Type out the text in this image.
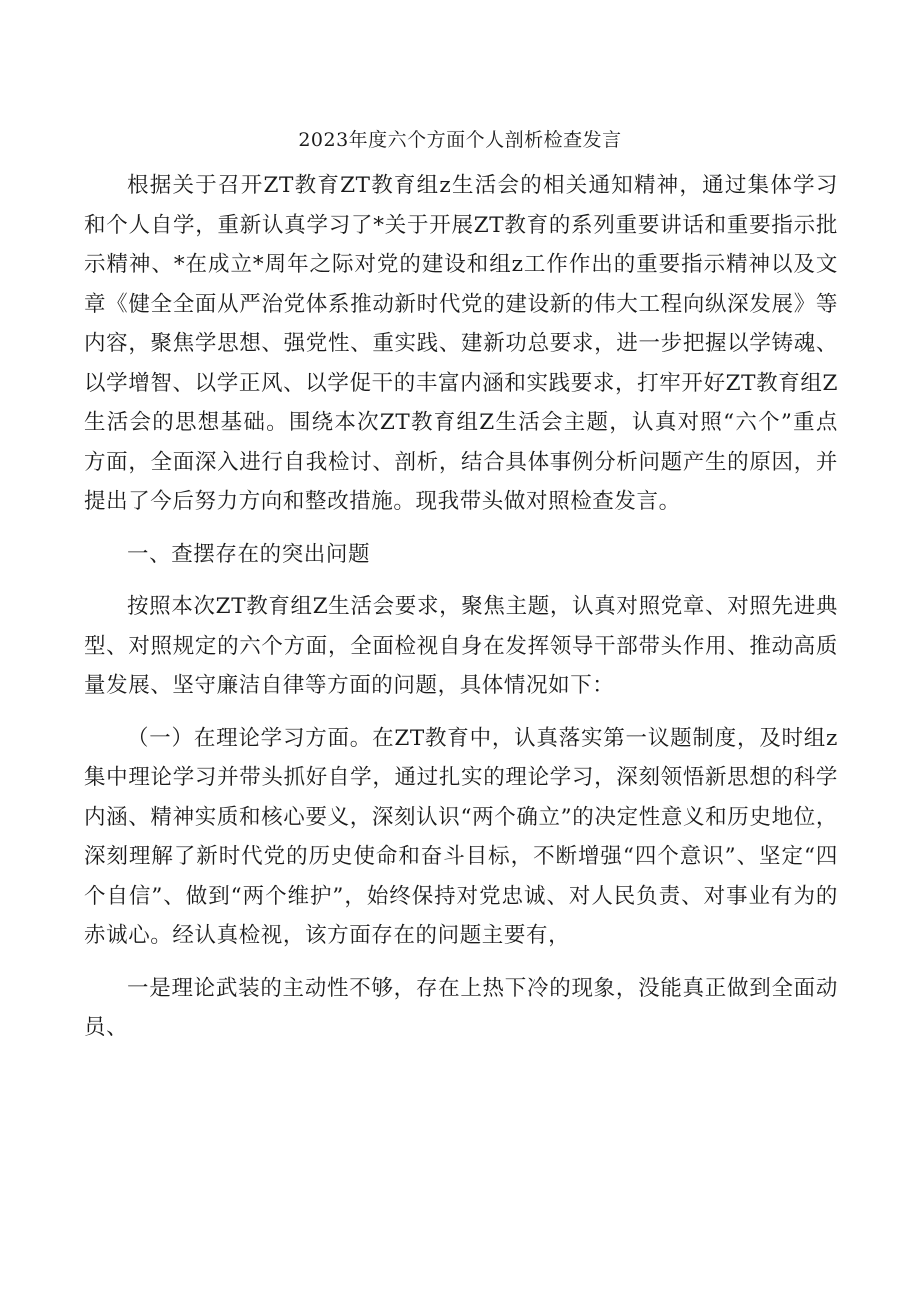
2023年度六个方面个人剖析检查发言

根据关于召开ZT教育ZT教育组z生活会的相关通知精神，通过集体学习和个人自学，重新认真学习了*关于开展ZT教育的系列重要讲话和重要指示批示精神、*在成立*周年之际对党的建设和组z工作作出的重要指示精神以及文章《健全全面从严治党体系推动新时代党的建设新的伟大工程向纵深发展》等内容，聚焦学思想、强党性、重实践、建新功总要求，进一步把握以学铸魂、以学增智、以学正风、以学促干的丰富内涵和实践要求，打牢开好ZT教育组Z生活会的思想基础。围绕本次ZT教育组Z生活会主题，认真对照“六个”重点方面，全面深入进行自我检讨、剖析，结合具体事例分析问题产生的原因，并提出了今后努力方向和整改措施。现我带头做对照检查发言。

一、查摆存在的突出问题

按照本次ZT教育组Z生活会要求，聚焦主题，认真对照党章、对照先进典型、对照规定的六个方面，全面检视自身在发挥领导干部带头作用、推动高质量发展、坚守廉洁自律等方面的问题，具体情况如下：

（一）在理论学习方面。在ZT教育中，认真落实第一议题制度，及时组z集中理论学习并带头抓好自学，通过扎实的理论学习，深刻领悟新思想的科学内涵、精神实质和核心要义，深刻认识“两个确立”的决定性意义和历史地位，深刻理解了新时代党的历史使命和奋斗目标，不断增强“四个意识”、坚定“四个自信”、做到“两个维护”，始终保持对党忠诚、对人民负责、对事业有为的赤诚心。经认真检视，该方面存在的问题主要有，

一是理论武装的主动性不够，存在上热下冷的现象，没能真正做到全面动员、
